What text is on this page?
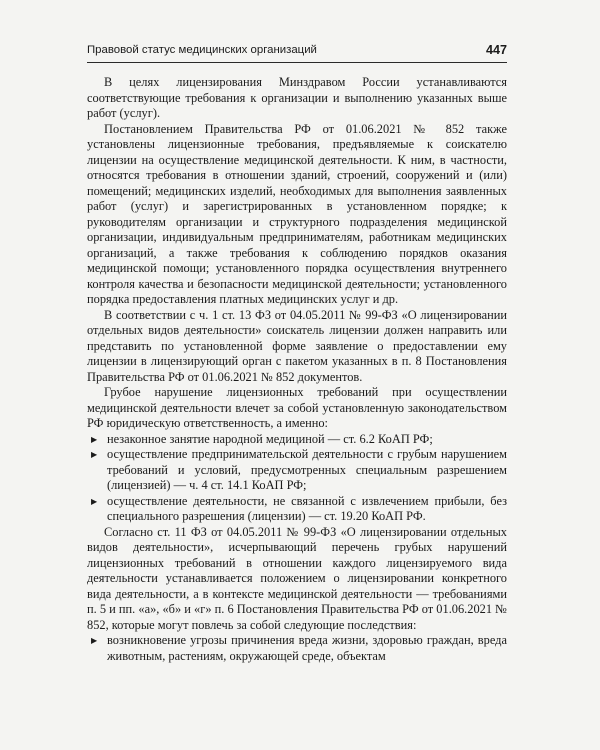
Правовой статус медицинских организаций	447

В целях лицензирования Минздравом России устанавливаются соответствующие требования к организации и выполнению указанных выше работ (услуг).

Постановлением Правительства РФ от 01.06.2021 № 852 также установлены лицензионные требования, предъявляемые к соискателю лицензии на осуществление медицинской деятельности. К ним, в частности, относятся требования в отношении зданий, строений, сооружений и (или) помещений; медицинских изделий, необходимых для выполнения заявленных работ (услуг) и зарегистрированных в установленном порядке; к руководителям организации и структурного подразделения медицинской организации, индивидуальным предпринимателям, работникам медицинских организаций, а также требования к соблюдению порядков оказания медицинской помощи; установленного порядка осуществления внутреннего контроля качества и безопасности медицинской деятельности; установленного порядка предоставления платных медицинских услуг и др.

В соответствии с ч. 1 ст. 13 ФЗ от 04.05.2011 № 99-ФЗ «О лицензировании отдельных видов деятельности» соискатель лицензии должен направить или представить по установленной форме заявление о предоставлении ему лицензии в лицензирующий орган с пакетом указанных в п. 8 Постановления Правительства РФ от 01.06.2021 № 852 документов.

Грубое нарушение лицензионных требований при осуществлении медицинской деятельности влечет за собой установленную законодательством РФ юридическую ответственность, а именно:

▶ незаконное занятие народной медициной — ст. 6.2 КоАП РФ;
▶ осуществление предпринимательской деятельности с грубым нарушением требований и условий, предусмотренных специальным разрешением (лицензией) — ч. 4 ст. 14.1 КоАП РФ;
▶ осуществление деятельности, не связанной с извлечением прибыли, без специального разрешения (лицензии) — ст. 19.20 КоАП РФ.

Согласно ст. 11 ФЗ от 04.05.2011 № 99-ФЗ «О лицензировании отдельных видов деятельности», исчерпывающий перечень грубых нарушений лицензионных требований в отношении каждого лицензируемого вида деятельности устанавливается положением о лицензировании конкретного вида деятельности, а в контексте медицинской деятельности — требованиями п. 5 и пп. «а», «б» и «г» п. 6 Постановления Правительства РФ от 01.06.2021 № 852, которые могут повлечь за собой следующие последствия:

▶ возникновение угрозы причинения вреда жизни, здоровью граждан, вреда животным, растениям, окружающей среде, объектам
